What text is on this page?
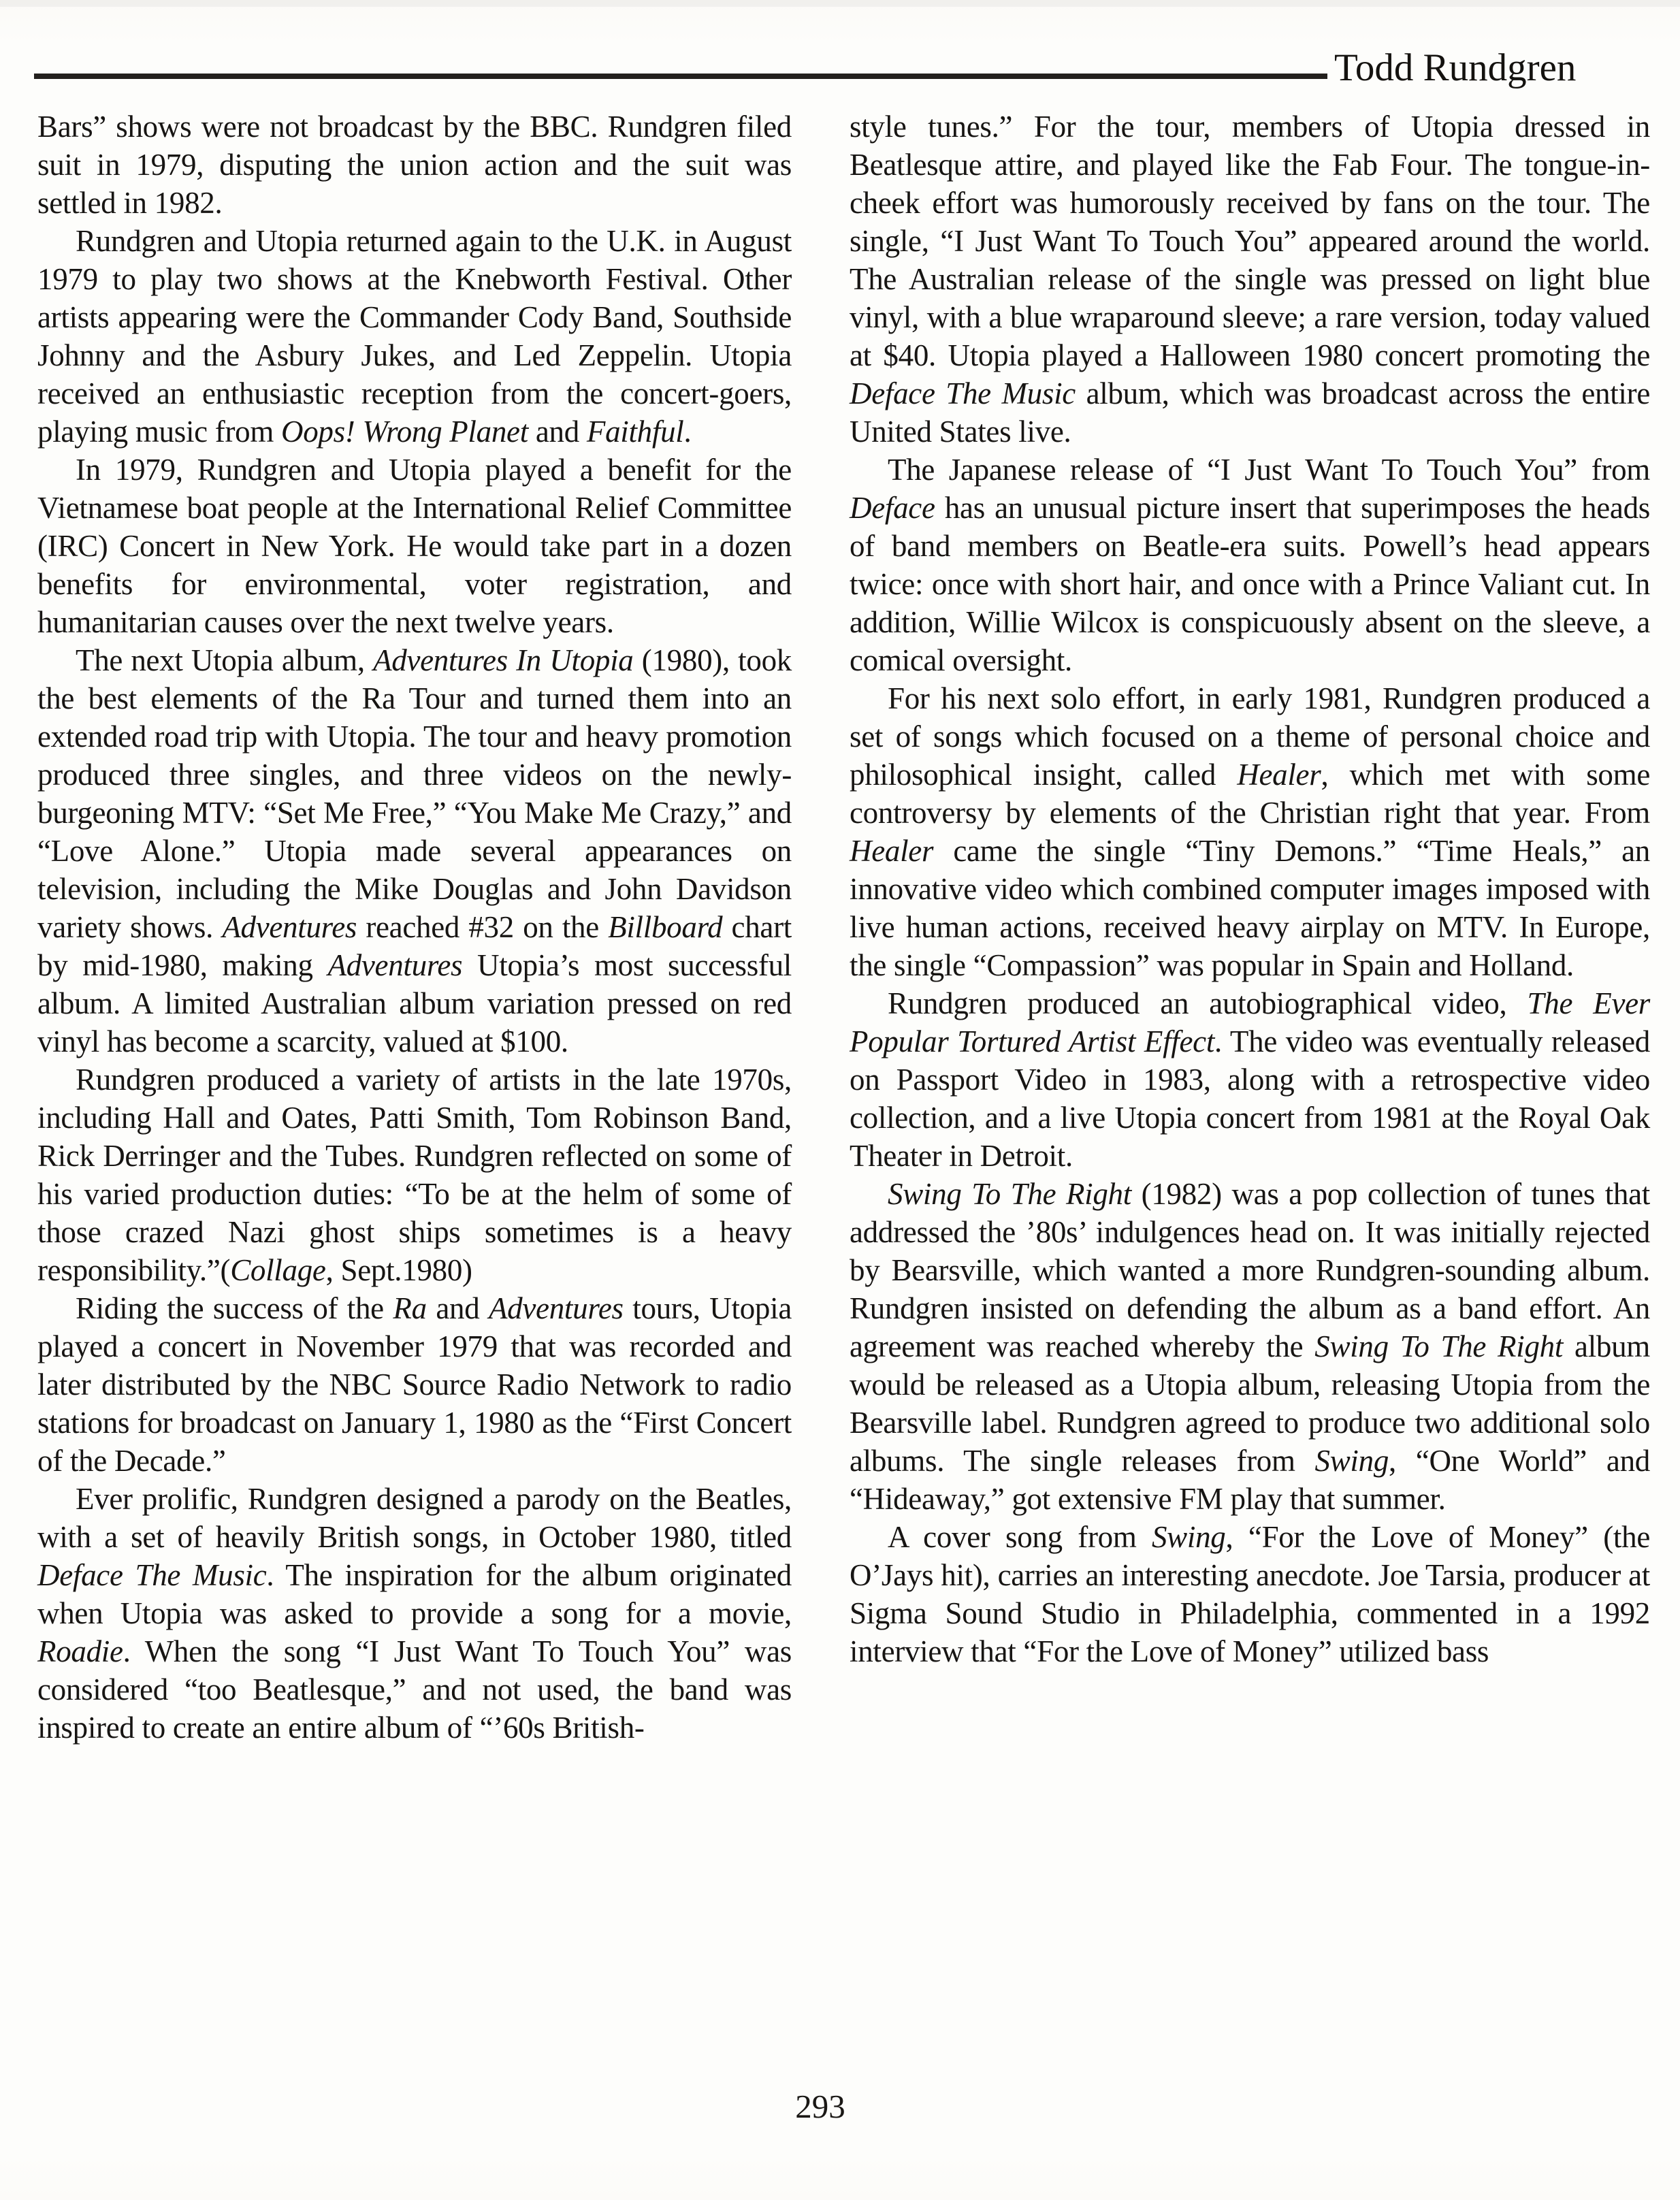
Todd Rundgren

Bars” shows were not broadcast by the BBC. Rundgren filed suit in 1979, disputing the union action and the suit was settled in 1982.

Rundgren and Utopia returned again to the U.K. in August 1979 to play two shows at the Knebworth Festival. Other artists appearing were the Commander Cody Band, Southside Johnny and the Asbury Jukes, and Led Zeppelin. Utopia received an enthusiastic reception from the concert-goers, playing music from Oops! Wrong Planet and Faithful.

In 1979, Rundgren and Utopia played a benefit for the Vietnamese boat people at the International Relief Committee (IRC) Concert in New York. He would take part in a dozen benefits for environmental, voter registration, and humanitarian causes over the next twelve years.

The next Utopia album, Adventures In Utopia (1980), took the best elements of the Ra Tour and turned them into an extended road trip with Utopia. The tour and heavy promotion produced three singles, and three videos on the newly-burgeoning MTV: “Set Me Free,” “You Make Me Crazy,” and “Love Alone.” Utopia made several appearances on television, including the Mike Douglas and John Davidson variety shows. Adventures reached #32 on the Billboard chart by mid-1980, making Adventures Utopia’s most successful album. A limited Australian album variation pressed on red vinyl has become a scarcity, valued at $100.

Rundgren produced a variety of artists in the late 1970s, including Hall and Oates, Patti Smith, Tom Robinson Band, Rick Derringer and the Tubes. Rundgren reflected on some of his varied production duties: “To be at the helm of some of those crazed Nazi ghost ships sometimes is a heavy responsibility.”(Collage, Sept.1980)

Riding the success of the Ra and Adventures tours, Utopia played a concert in November 1979 that was recorded and later distributed by the NBC Source Radio Network to radio stations for broadcast on January 1, 1980 as the “First Concert of the Decade.”

Ever prolific, Rundgren designed a parody on the Beatles, with a set of heavily British songs, in October 1980, titled Deface The Music. The inspiration for the album originated when Utopia was asked to provide a song for a movie, Roadie. When the song “I Just Want To Touch You” was considered “too Beatlesque,” and not used, the band was inspired to create an entire album of “’60s British-

style tunes.” For the tour, members of Utopia dressed in Beatlesque attire, and played like the Fab Four. The tongue-in-cheek effort was humorously received by fans on the tour. The single, “I Just Want To Touch You” appeared around the world. The Australian release of the single was pressed on light blue vinyl, with a blue wraparound sleeve; a rare version, today valued at $40. Utopia played a Halloween 1980 concert promoting the Deface The Music album, which was broadcast across the entire United States live.

The Japanese release of “I Just Want To Touch You” from Deface has an unusual picture insert that superimposes the heads of band members on Beatle-era suits. Powell’s head appears twice: once with short hair, and once with a Prince Valiant cut. In addition, Willie Wilcox is conspicuously absent on the sleeve, a comical oversight.

For his next solo effort, in early 1981, Rundgren produced a set of songs which focused on a theme of personal choice and philosophical insight, called Healer, which met with some controversy by elements of the Christian right that year. From Healer came the single “Tiny Demons.” “Time Heals,” an innovative video which combined computer images imposed with live human actions, received heavy airplay on MTV. In Europe, the single “Compassion” was popular in Spain and Holland.

Rundgren produced an autobiographical video, The Ever Popular Tortured Artist Effect. The video was eventually released on Passport Video in 1983, along with a retrospective video collection, and a live Utopia concert from 1981 at the Royal Oak Theater in Detroit.

Swing To The Right (1982) was a pop collection of tunes that addressed the ’80s’ indulgences head on. It was initially rejected by Bearsville, which wanted a more Rundgren-sounding album. Rundgren insisted on defending the album as a band effort. An agreement was reached whereby the Swing To The Right album would be released as a Utopia album, releasing Utopia from the Bearsville label. Rundgren agreed to produce two additional solo albums. The single releases from Swing, “One World” and “Hideaway,” got extensive FM play that summer.

A cover song from Swing, “For the Love of Money” (the O’Jays hit), carries an interesting anecdote. Joe Tarsia, producer at Sigma Sound Studio in Philadelphia, commented in a 1992 interview that “For the Love of Money” utilized bass

293
